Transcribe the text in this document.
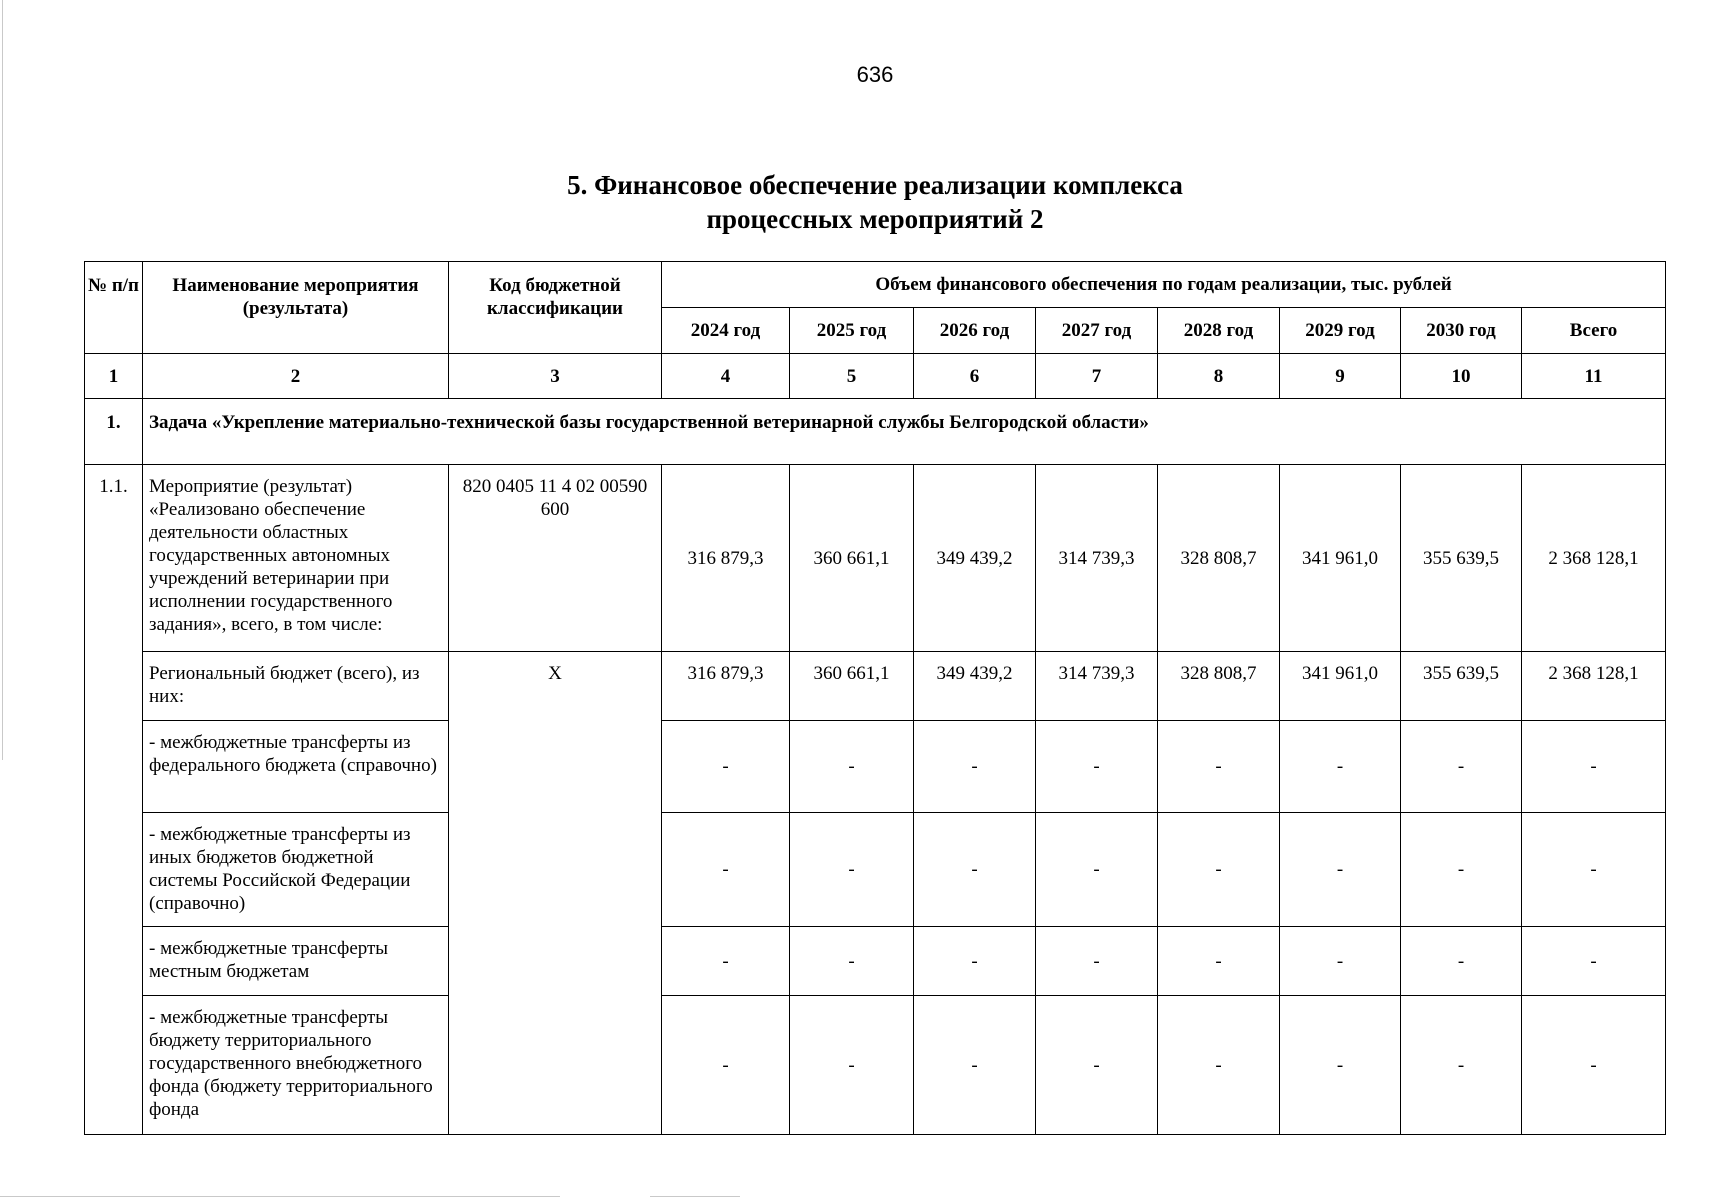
636
5. Финансовое обеспечение реализации комплекса
процессных мероприятий 2
№ п/п	Наименование мероприятия (результата)	Код бюджетной классификации	Объем финансового обеспечения по годам реализации, тыс. рублей							
			2024 год	2025 год	2026 год	2027 год	2028 год	2029 год	2030 год	Всего
1	2	3	4	5	6	7	8	9	10	11
1.	Задача «Укрепление материально-технической базы государственной ветеринарной службы Белгородской области»									
1.1.	Мероприятие (результат) «Реализовано обеспечение деятельности областных государственных автономных учреждений ветеринарии при исполнении государственного задания», всего, в том числе:	820 0405 11 4 02 00590 600	316 879,3	360 661,1	349 439,2	314 739,3	328 808,7	341 961,0	355 639,5	2 368 128,1
	Региональный бюджет (всего), из них:	X	316 879,3	360 661,1	349 439,2	314 739,3	328 808,7	341 961,0	355 639,5	2 368 128,1
	- межбюджетные трансферты из федерального бюджета (справочно)		-	-	-	-	-	-	-	-
	- межбюджетные трансферты из иных бюджетов бюджетной системы Российской Федерации (справочно)		-	-	-	-	-	-	-	-
	- межбюджетные трансферты местным бюджетам		-	-	-	-	-	-	-	-
	- межбюджетные трансферты бюджету территориального государственного внебюджетного фонда (бюджету территориального фонда		-	-	-	-	-	-	-	-
